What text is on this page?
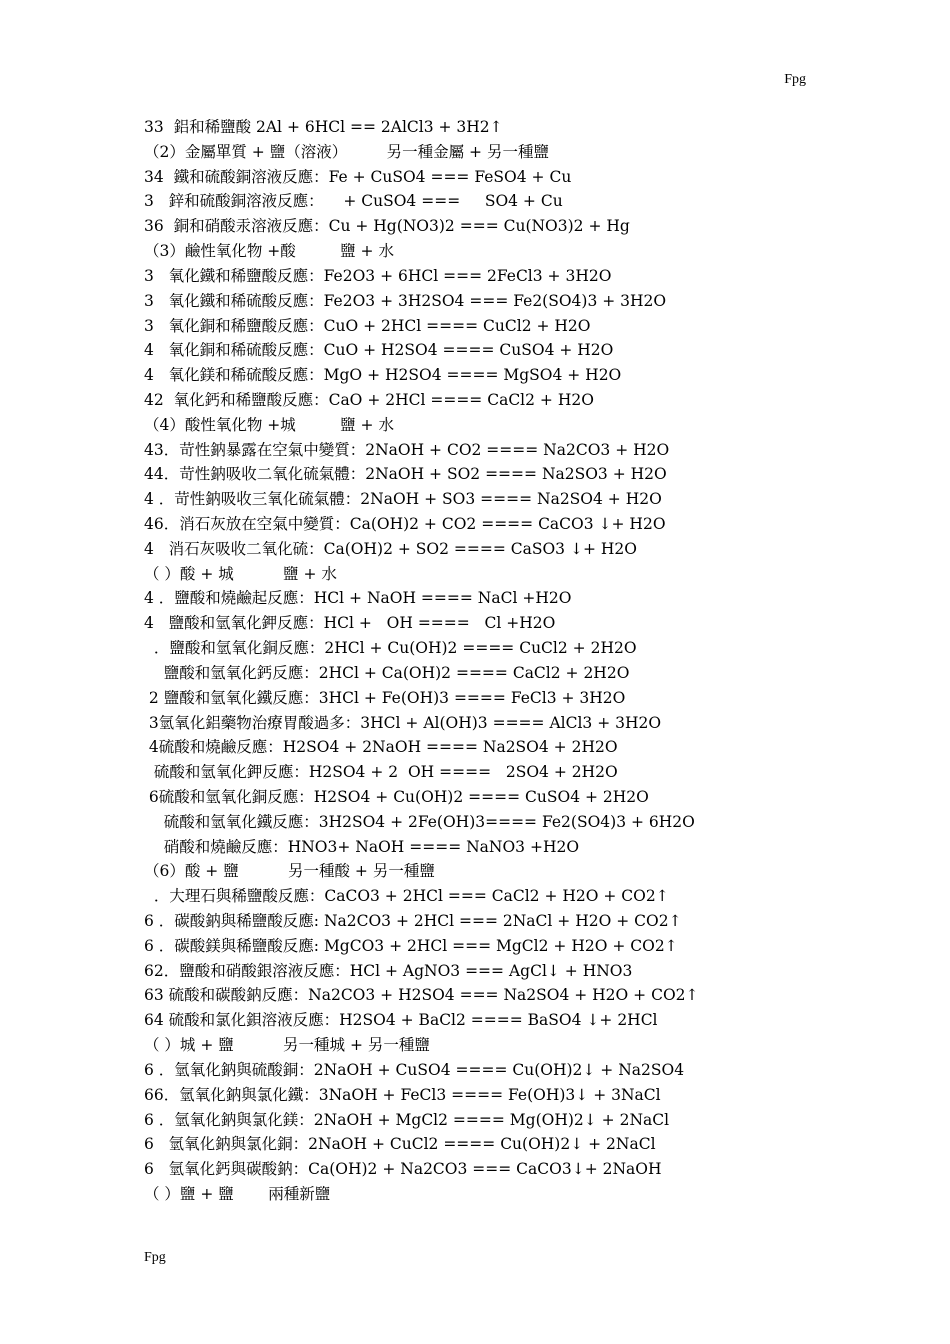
Fpg
33  鋁和稀鹽酸 2Al + 6HCl == 2AlCl3 + 3H2↑
（2）金屬單質 + 鹽（溶液）        另一種金屬 + 另一種鹽
34  鐵和硫酸銅溶液反應：Fe + CuSO4 === FeSO4 + Cu
3   鋅和硫酸銅溶液反應：    + CuSO4 ===     SO4 + Cu
36  銅和硝酸汞溶液反應：Cu + Hg(NO3)2 === Cu(NO3)2 + Hg
（3）鹼性氧化物 +酸         鹽 + 水
3   氧化鐵和稀鹽酸反應：Fe2O3 + 6HCl === 2FeCl3 + 3H2O
3   氧化鐵和稀硫酸反應：Fe2O3 + 3H2SO4 === Fe2(SO4)3 + 3H2O
3   氧化銅和稀鹽酸反應：CuO + 2HCl ==== CuCl2 + H2O
4   氧化銅和稀硫酸反應：CuO + H2SO4 ==== CuSO4 + H2O
4   氧化鎂和稀硫酸反應：MgO + H2SO4 ==== MgSO4 + H2O
42  氧化鈣和稀鹽酸反應：CaO + 2HCl ==== CaCl2 + H2O
（4）酸性氧化物 +城         鹽 + 水
43．苛性鈉暴露在空氣中變質：2NaOH + CO2 ==== Na2CO3 + H2O
44．苛性鈉吸收二氧化硫氣體：2NaOH + SO2 ==== Na2SO3 + H2O
4 ．苛性鈉吸收三氧化硫氣體：2NaOH + SO3 ==== Na2SO4 + H2O
46．消石灰放在空氣中變質：Ca(OH)2 + CO2 ==== CaCO3 ↓+ H2O
4   消石灰吸收二氧化硫：Ca(OH)2 + SO2 ==== CaSO3 ↓+ H2O
（ ）酸 + 城          鹽 + 水
4 ．鹽酸和燒鹼起反應：HCl + NaOH ==== NaCl +H2O
4   鹽酸和氫氧化鉀反應：HCl +   OH ====   Cl +H2O
．鹽酸和氫氧化銅反應：2HCl + Cu(OH)2 ==== CuCl2 + 2H2O
鹽酸和氫氧化鈣反應：2HCl + Ca(OH)2 ==== CaCl2 + 2H2O
2 鹽酸和氫氧化鐵反應：3HCl + Fe(OH)3 ==== FeCl3 + 3H2O
3氫氧化鋁藥物治療胃酸過多：3HCl + Al(OH)3 ==== AlCl3 + 3H2O
4硫酸和燒鹼反應：H2SO4 + 2NaOH ==== Na2SO4 + 2H2O
硫酸和氫氧化鉀反應：H2SO4 + 2  OH ====   2SO4 + 2H2O
6硫酸和氫氧化銅反應：H2SO4 + Cu(OH)2 ==== CuSO4 + 2H2O
硫酸和氫氧化鐵反應：3H2SO4 + 2Fe(OH)3==== Fe2(SO4)3 + 6H2O
硝酸和燒鹼反應：HNO3+ NaOH ==== NaNO3 +H2O
（6）酸 + 鹽          另一種酸 + 另一種鹽
．大理石與稀鹽酸反應：CaCO3 + 2HCl === CaCl2 + H2O + CO2↑
6 ．碳酸鈉與稀鹽酸反應: Na2CO3 + 2HCl === 2NaCl + H2O + CO2↑
6 ．碳酸鎂與稀鹽酸反應: MgCO3 + 2HCl === MgCl2 + H2O + CO2↑
62．鹽酸和硝酸銀溶液反應：HCl + AgNO3 === AgCl↓ + HNO3
63 硫酸和碳酸鈉反應：Na2CO3 + H2SO4 === Na2SO4 + H2O + CO2↑
64 硫酸和氯化鋇溶液反應：H2SO4 + BaCl2 ==== BaSO4 ↓+ 2HCl
（ ）城 + 鹽          另一種城 + 另一種鹽
6 ．氫氧化鈉與硫酸銅：2NaOH + CuSO4 ==== Cu(OH)2↓ + Na2SO4
66．氫氧化鈉與氯化鐵：3NaOH + FeCl3 ==== Fe(OH)3↓ + 3NaCl
6 ．氫氧化鈉與氯化鎂：2NaOH + MgCl2 ==== Mg(OH)2↓ + 2NaCl
6   氫氧化鈉與氯化銅：2NaOH + CuCl2 ==== Cu(OH)2↓ + 2NaCl
6   氫氧化鈣與碳酸鈉：Ca(OH)2 + Na2CO3 === CaCO3↓+ 2NaOH
（ ）鹽 + 鹽       兩種新鹽
Fpg
